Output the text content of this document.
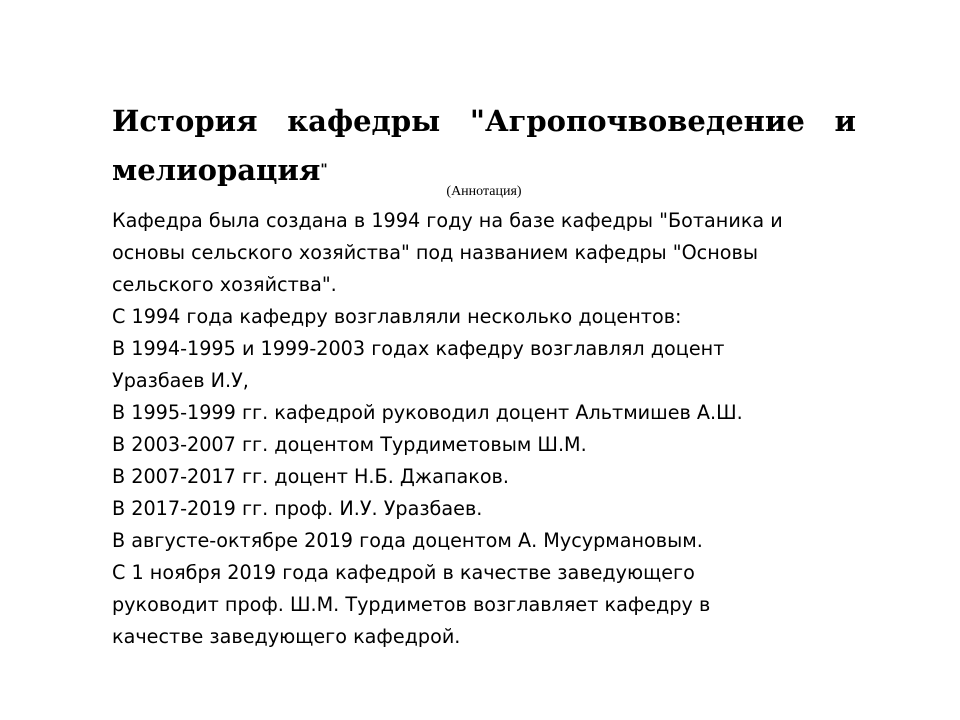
История кафедры "Агропочвоведение и мелиорация"

(Аннотация)

Кафедра была создана в 1994 году на базе кафедры "Ботаника и
основы сельского хозяйства" под названием кафедры "Основы
сельского хозяйства".
С 1994 года кафедру возглавляли несколько доцентов:
В 1994-1995 и 1999-2003 годах кафедру возглавлял доцент
Уразбаев И.У,
В 1995-1999 гг. кафедрой руководил доцент Альтмишев А.Ш.
В 2003-2007 гг. доцентом Турдиметовым Ш.М.
В 2007-2017 гг. доцент Н.Б. Джапаков.
В 2017-2019 гг. проф. И.У. Уразбаев.
В августе-октябре 2019 года доцентом А. Мусурмановым.
С 1 ноября 2019 года кафедрой в качестве заведующего
руководит проф. Ш.М. Турдиметов возглавляет кафедру в
качестве заведующего кафедрой.
